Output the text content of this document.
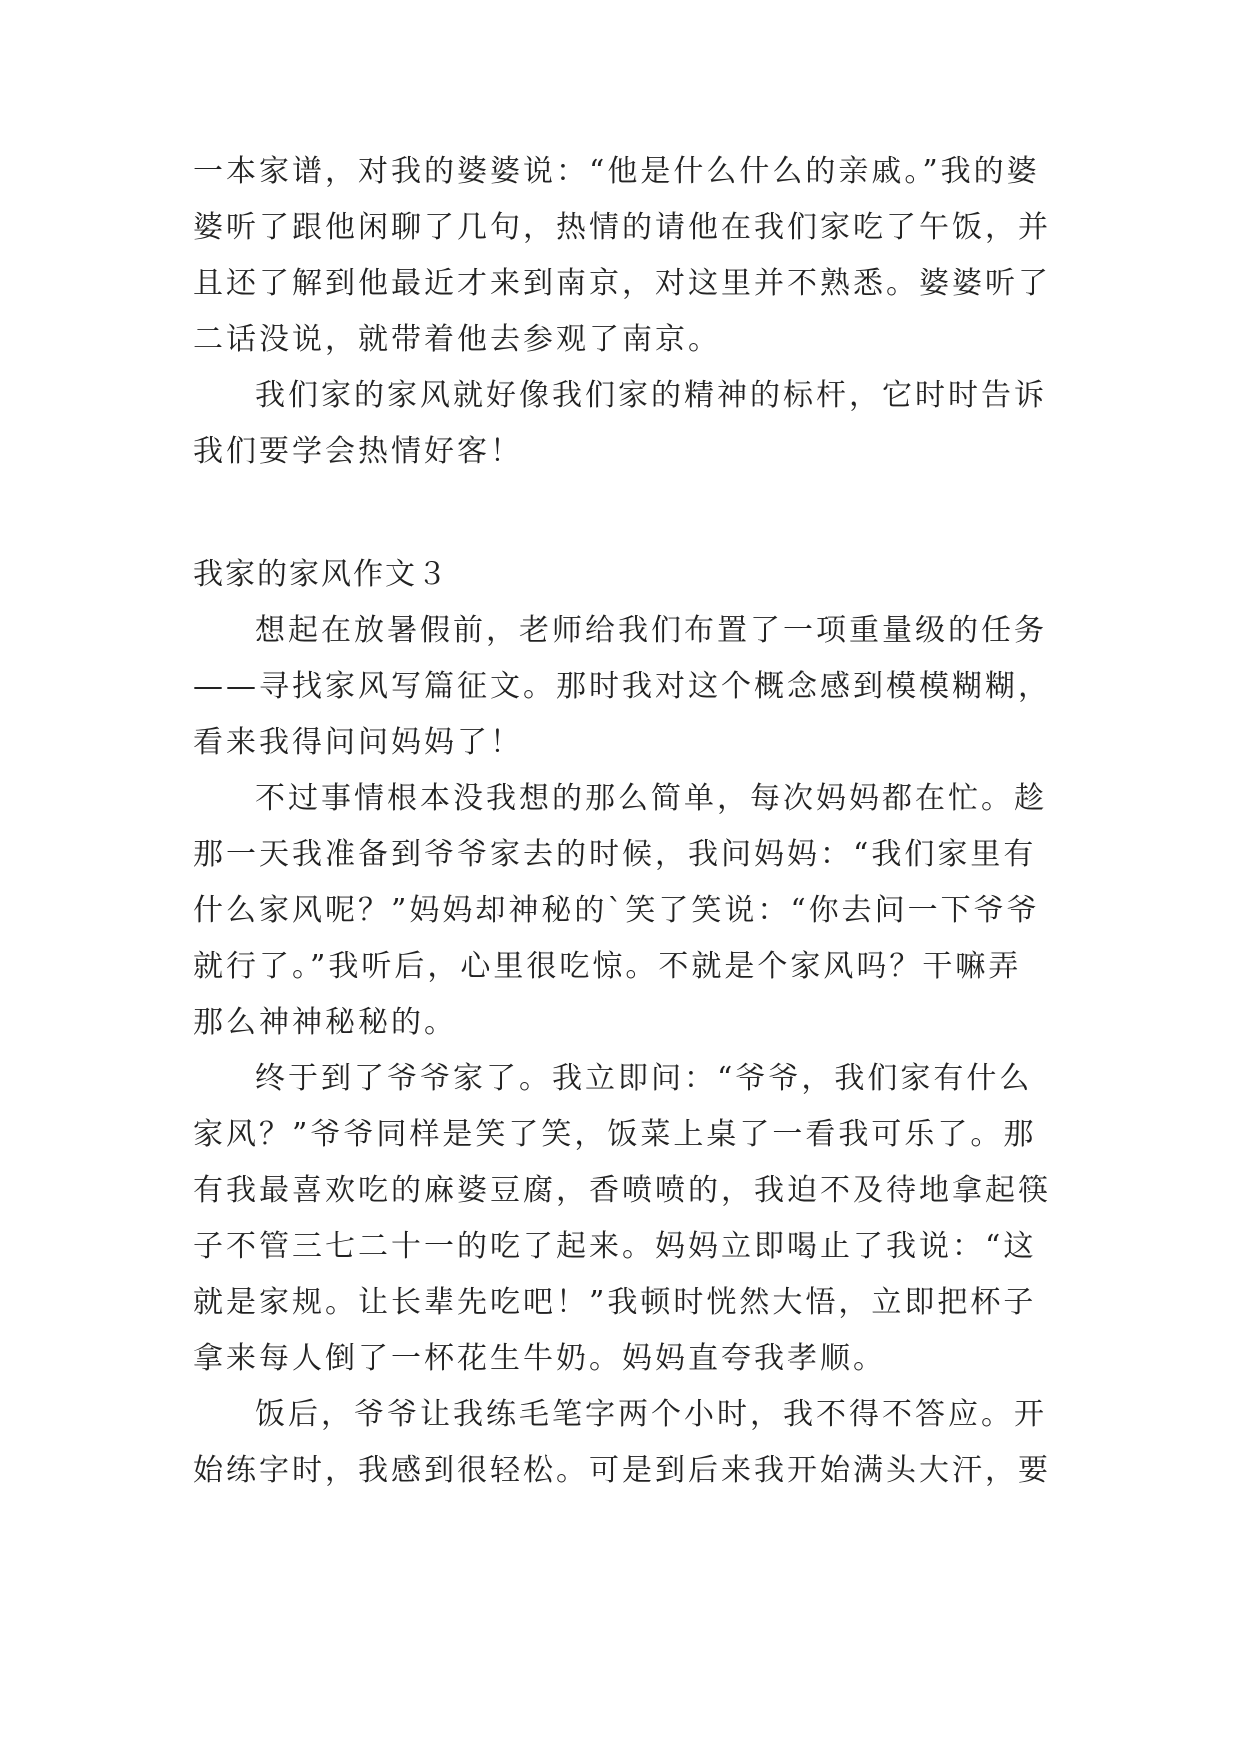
一本家谱，对我的婆婆说：“他是什么什么的亲戚。”我的婆
婆听了跟他闲聊了几句，热情的请他在我们家吃了午饭，并
且还了解到他最近才来到南京，对这里并不熟悉。婆婆听了
二话没说，就带着他去参观了南京。
我们家的家风就好像我们家的精神的标杆，它时时告诉
我们要学会热情好客！
我家的家风作文３
想起在放暑假前，老师给我们布置了一项重量级的任务
——寻找家风写篇征文。那时我对这个概念感到模模糊糊，
看来我得问问妈妈了！
不过事情根本没我想的那么简单，每次妈妈都在忙。趁
那一天我准备到爷爷家去的时候，我问妈妈：“我们家里有
什么家风呢？”妈妈却神秘的`笑了笑说：“你去问一下爷爷
就行了。”我听后，心里很吃惊。不就是个家风吗？干嘛弄
那么神神秘秘的。
终于到了爷爷家了。我立即问：“爷爷，我们家有什么
家风？”爷爷同样是笑了笑，饭菜上桌了一看我可乐了。那
有我最喜欢吃的麻婆豆腐，香喷喷的，我迫不及待地拿起筷
子不管三七二十一的吃了起来。妈妈立即喝止了我说：“这
就是家规。让长辈先吃吧！”我顿时恍然大悟，立即把杯子
拿来每人倒了一杯花生牛奶。妈妈直夸我孝顺。
饭后，爷爷让我练毛笔字两个小时，我不得不答应。开
始练字时，我感到很轻松。可是到后来我开始满头大汗，要
